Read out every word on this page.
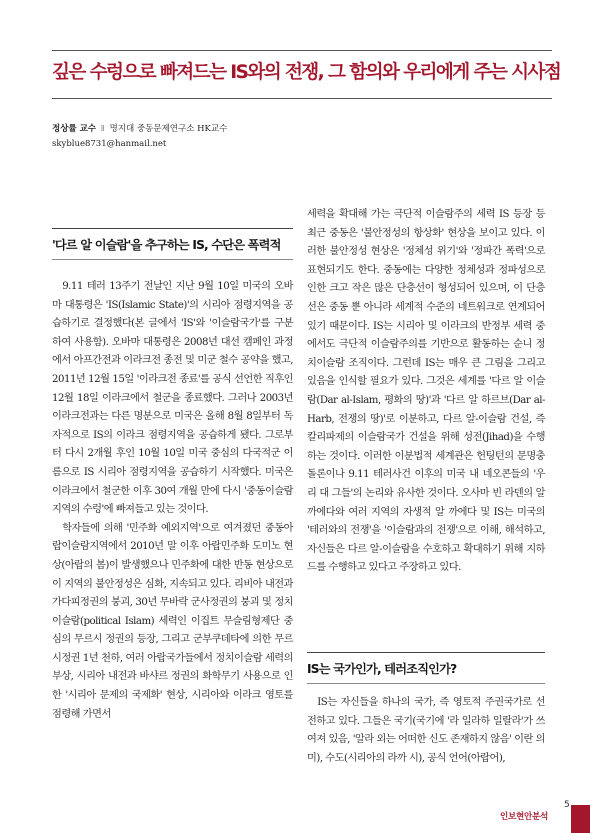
깊은 수렁으로 빠져드는 IS와의 전쟁, 그 함의와 우리에게 주는 시사점
정상률 교수 ǁ 명지대 중동문제연구소 HK교수
skyblue8731@hanmail.net
'다르 알 이슬람'을 추구하는 IS, 수단은 폭력적

9.11 테러 13주기 전날인 지난 9월 10일 미국의 오바마 대통령은 'IS(Islamic State)'의 시리아 점령지역을 공습하기로 결정했다(본 글에서 'IS'와 '이슬람국가'를 구분하여 사용함). 오바마 대통령은 2008년 대선 캠페인 과정에서 아프간전과 이라크전 종전 및 미군 철수 공약을 했고, 2011년 12월 15일 '이라크전 종료'를 공식 선언한 직후인 12월 18일 이라크에서 철군을 종료했다. 그러나 2003년 이라크전과는 다른 명분으로 미국은 올해 8월 8일부터 독자적으로 IS의 이라크 점령지역을 공습하게 됐다. 그로부터 다시 2개월 후인 10월 10일 미국 중심의 다국적군 이름으로 IS 시리아 점령지역을 공습하기 시작했다. 미국은 이라크에서 철군한 이후 30여 개월 만에 다시 '중동이슬람지역의 수렁'에 빠져들고 있는 것이다.

학자들에 의해 '민주화 예외지역'으로 여겨졌던 중동아랍이슬람지역에서 2010년 말 이후 아랍민주화 도미노 현상(아랍의 봄)이 발생했으나 민주화에 대한 반동 현상으로 이 지역의 불안정성은 심화, 지속되고 있다. 리비아 내전과 가다피정권의 붕괴, 30년 무바락 군사정권의 붕괴 및 정치이슬람(political Islam) 세력인 이집트 무슬림형제단 중심의 무르시 정권의 등장, 그리고 군부쿠데타에 의한 무르시정권 1년 천하, 여러 아랍국가들에서 정치이슬람 세력의 부상, 시리아 내전과 바샤르 정권의 화학무기 사용으로 인한 '시리아 문제의 국제화' 현상, 시리아와 이라크 영토를 점령해 가면서

세력을 확대해 가는 극단적 이슬람주의 세력 IS 등장 등 최근 중동은 '불안정성의 항상화' 현상을 보이고 있다. 이러한 불안정성 현상은 '정체성 위기'와 '정파간 폭력'으로 표현되기도 한다. 중동에는 다양한 정체성과 정파성으로 인한 크고 작은 많은 단층선이 형성되어 있으며, 이 단층선은 중동 뿐 아니라 세계적 수준의 네트워크로 연계되어 있기 때문이다. IS는 시리아 및 이라크의 반정부 세력 중에서도 극단적 이슬람주의를 기반으로 활동하는 순니 정치이슬람 조직이다. 그런데 IS는 매우 큰 그림을 그리고 있음을 인식할 필요가 있다. 그것은 세계를 '다르 알 이슬람(Dar al-Islam, 평화의 땅)'과 '다르 알 하르브(Dar al-Harb, 전쟁의 땅)'로 이분하고, 다르 알-이슬람 건설, 즉 칼리파제의 이슬람국가 건설을 위해 성전(Jihad)을 수행하는 것이다. 이러한 이분법적 세계관은 헌팅턴의 문명충돌론이나 9.11 테러사건 이후의 미국 내 네오콘들의 '우리 대 그들'의 논리와 유사한 것이다. 오사마 빈 라덴의 알 까에다와 여러 지역의 자생적 알 까에다 및 IS는 미국의 '테러와의 전쟁'을 '이슬람과의 전쟁'으로 이해, 해석하고, 자신들은 다르 알-이슬람을 수호하고 확대하기 위해 지하드를 수행하고 있다고 주장하고 있다.

IS는 국가인가, 테러조직인가?

IS는 자신들을 하나의 국가, 즉 영토적 주권국가로 선전하고 있다. 그들은 국기(국기에 '라 일라하 일랄라'가 쓰여져 있음, '알라 외는 어떠한 신도 존재하지 않음' 이란 의미), 수도(시리아의 라까 시), 공식 언어(아랍어),

인보현안분석
5
